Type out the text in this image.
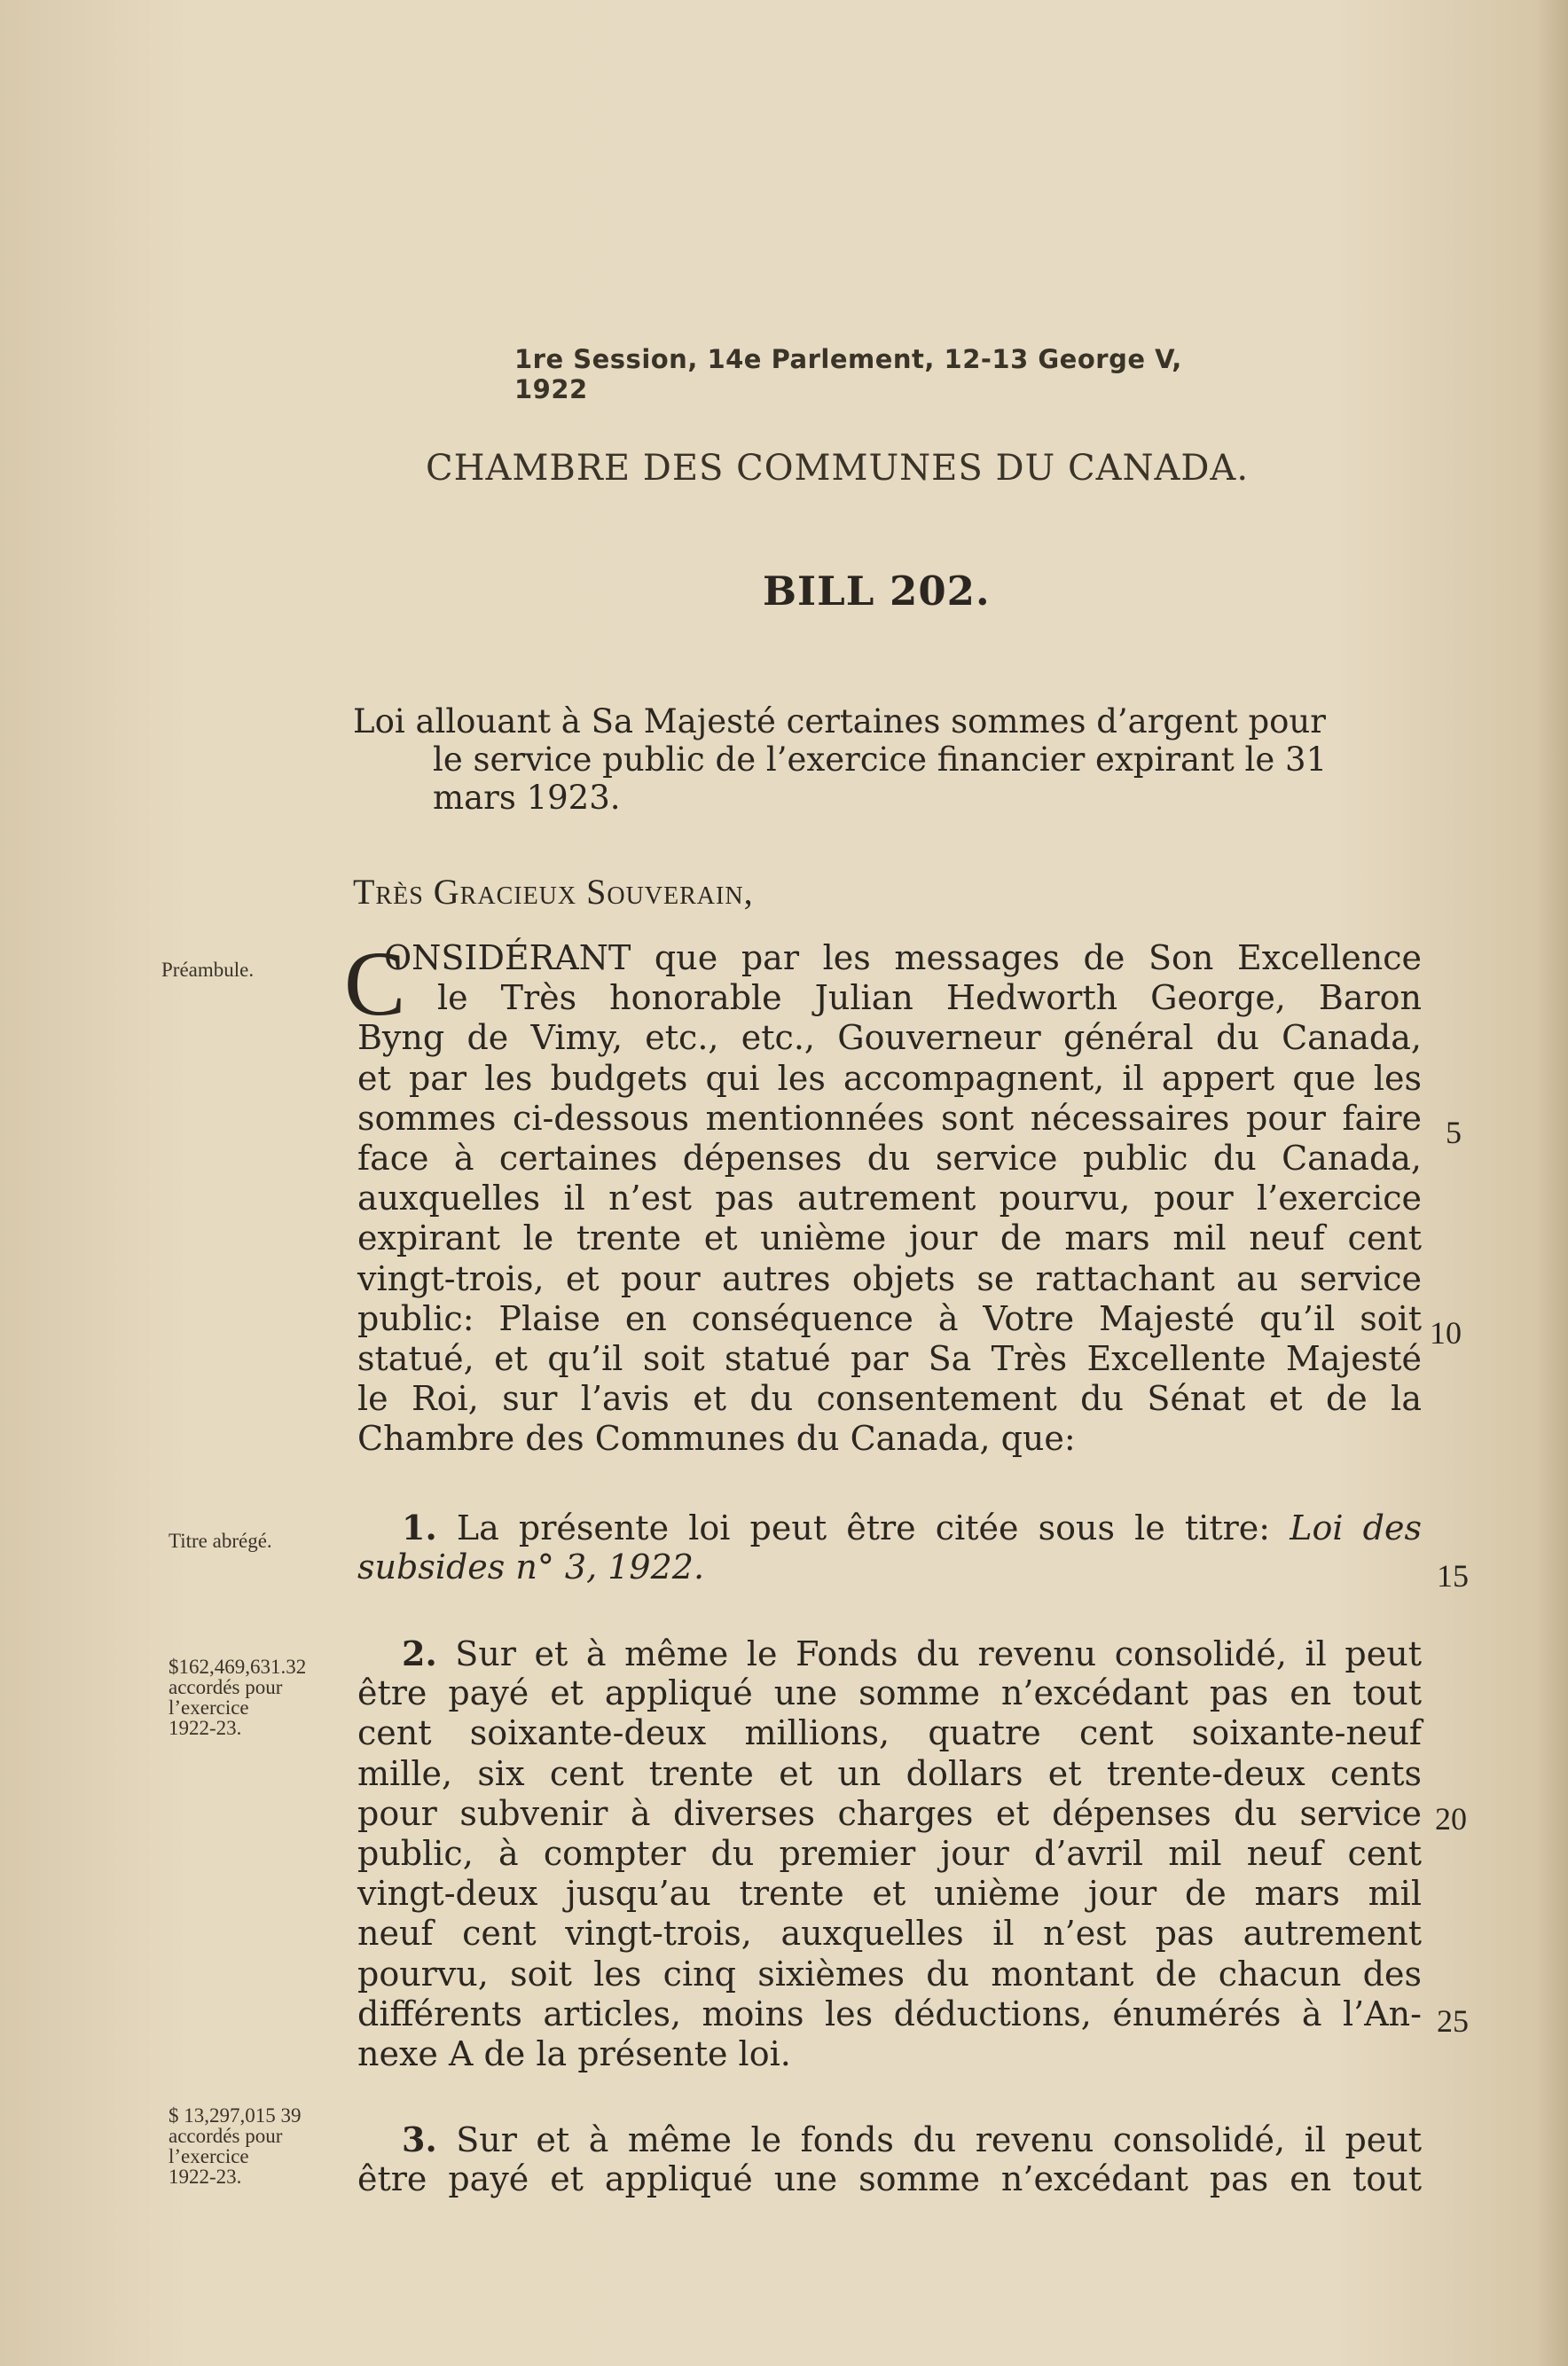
1re Session, 14e Parlement, 12-13 George V, 1922
CHAMBRE DES COMMUNES DU CANADA.
BILL 202.
Loi allouant à Sa Majesté certaines sommes d’argent pour
le service public de l’exercice financier expirant le 31
mars 1923.
Très Gracieux Souverain,
Préambule.
Titre abrégé.
$162,469,631.32
accordés pour
l’exercice
1922-23.
$ 13,297,015 39
accordés pour
l’exercice
1922-23.
C
ONSIDÉRANT que par les messages de Son Excellence
le Très honorable Julian Hedworth George, Baron
Byng de Vimy, etc., etc., Gouverneur général du Canada,
et par les budgets qui les accompagnent, il appert que les
sommes ci-dessous mentionnées sont nécessaires pour faire
face à certaines dépenses du service public du Canada,
auxquelles il n’est pas autrement pourvu, pour l’exercice
expirant le trente et unième jour de mars mil neuf cent
vingt-trois, et pour autres objets se rattachant au service
public: Plaise en conséquence à Votre Majesté qu’il soit
statué, et qu’il soit statué par Sa Très Excellente Majesté
le Roi, sur l’avis et du consentement du Sénat et de la
Chambre des Communes du Canada, que:
1. La présente loi peut être citée sous le titre: Loi des
subsides n° 3, 1922.
2. Sur et à même le Fonds du revenu consolidé, il peut
être payé et appliqué une somme n’excédant pas en tout
cent soixante-deux millions, quatre cent soixante-neuf
mille, six cent trente et un dollars et trente-deux cents
pour subvenir à diverses charges et dépenses du service
public, à compter du premier jour d’avril mil neuf cent
vingt-deux jusqu’au trente et unième jour de mars mil
neuf cent vingt-trois, auxquelles il n’est pas autrement
pourvu, soit les cinq sixièmes du montant de chacun des
différents articles, moins les déductions, énumérés à l’An-
nexe A de la présente loi.
3. Sur et à même le fonds du revenu consolidé, il peut
être payé et appliqué une somme n’excédant pas en tout
5
10
15
20
25
